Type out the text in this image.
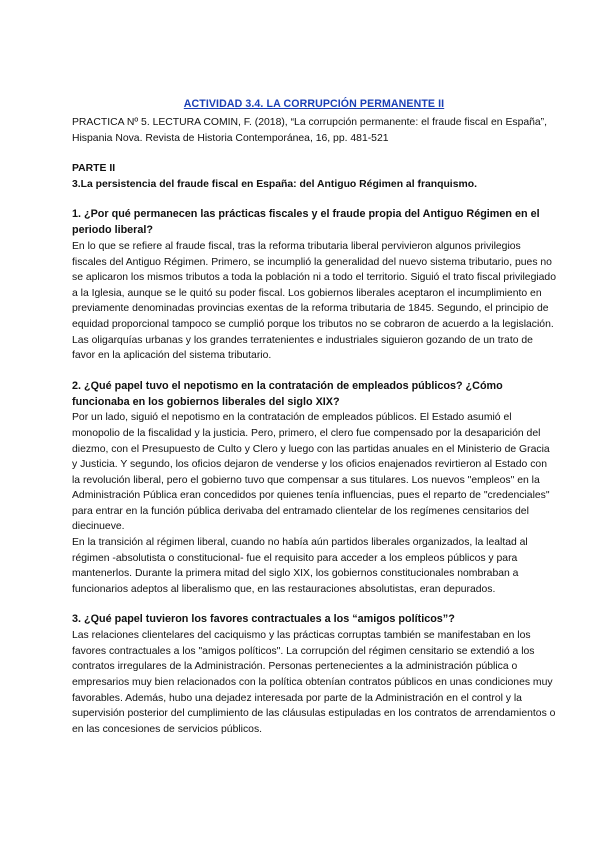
ACTIVIDAD 3.4. LA CORRUPCIÓN PERMANENTE II

PRACTICA Nº 5. LECTURA COMIN, F. (2018), “La corrupción permanente: el fraude fiscal en España”, Hispania Nova. Revista de Historia Contemporánea, 16, pp. 481-521

PARTE II

3.La persistencia del fraude fiscal en España: del Antiguo Régimen al franquismo.

1. ¿Por qué permanecen las prácticas fiscales y el fraude propia del Antiguo Régimen en el periodo liberal?

En lo que se refiere al fraude fiscal, tras la reforma tributaria liberal pervivieron algunos privilegios fiscales del Antiguo Régimen. Primero, se incumplió la generalidad del nuevo sistema tributario, pues no se aplicaron los mismos tributos a toda la población ni a todo el territorio. Siguió el trato fiscal privilegiado a la Iglesia, aunque se le quitó su poder fiscal. Los gobiernos liberales aceptaron el incumplimiento en previamente denominadas provincias exentas de la reforma tributaria de 1845. Segundo, el principio de equidad proporcional tampoco se cumplió porque los tributos no se cobraron de acuerdo a la legislación. Las oligarquías urbanas y los grandes terratenientes e industriales siguieron gozando de un trato de favor en la aplicación del sistema tributario.

2. ¿Qué papel tuvo el nepotismo en la contratación de empleados públicos? ¿Cómo funcionaba en los gobiernos liberales del siglo XIX?

Por un lado, siguió el nepotismo en la contratación de empleados públicos. El Estado asumió el monopolio de la fiscalidad y la justicia. Pero, primero, el clero fue compensado por la desaparición del diezmo, con el Presupuesto de Culto y Clero y luego con las partidas anuales en el Ministerio de Gracia y Justicia. Y segundo, los oficios dejaron de venderse y los oficios enajenados revirtieron al Estado con la revolución liberal, pero el gobierno tuvo que compensar a sus titulares. Los nuevos "empleos" en la Administración Pública eran concedidos por quienes tenía influencias, pues el reparto de "credenciales" para entrar en la función pública derivaba del entramado clientelar de los regímenes censitarios del diecinueve.

En la transición al régimen liberal, cuando no había aún partidos liberales organizados, la lealtad al régimen -absolutista o constitucional- fue el requisito para acceder a los empleos públicos y para mantenerlos. Durante la primera mitad del siglo XIX, los gobiernos constitucionales nombraban a funcionarios adeptos al liberalismo que, en las restauraciones absolutistas, eran depurados.

3. ¿Qué papel tuvieron los favores contractuales a los “amigos políticos”?

Las relaciones clientelares del caciquismo y las prácticas corruptas también se manifestaban en los favores contractuales a los "amigos políticos". La corrupción del régimen censitario se extendió a los contratos irregulares de la Administración. Personas pertenecientes a la administración pública o empresarios muy bien relacionados con la política obtenían contratos públicos en unas condiciones muy favorables. Además, hubo una dejadez interesada por parte de la Administración en el control y la supervisión posterior del cumplimiento de las cláusulas estipuladas en los contratos de arrendamientos o en las concesiones de servicios públicos.
